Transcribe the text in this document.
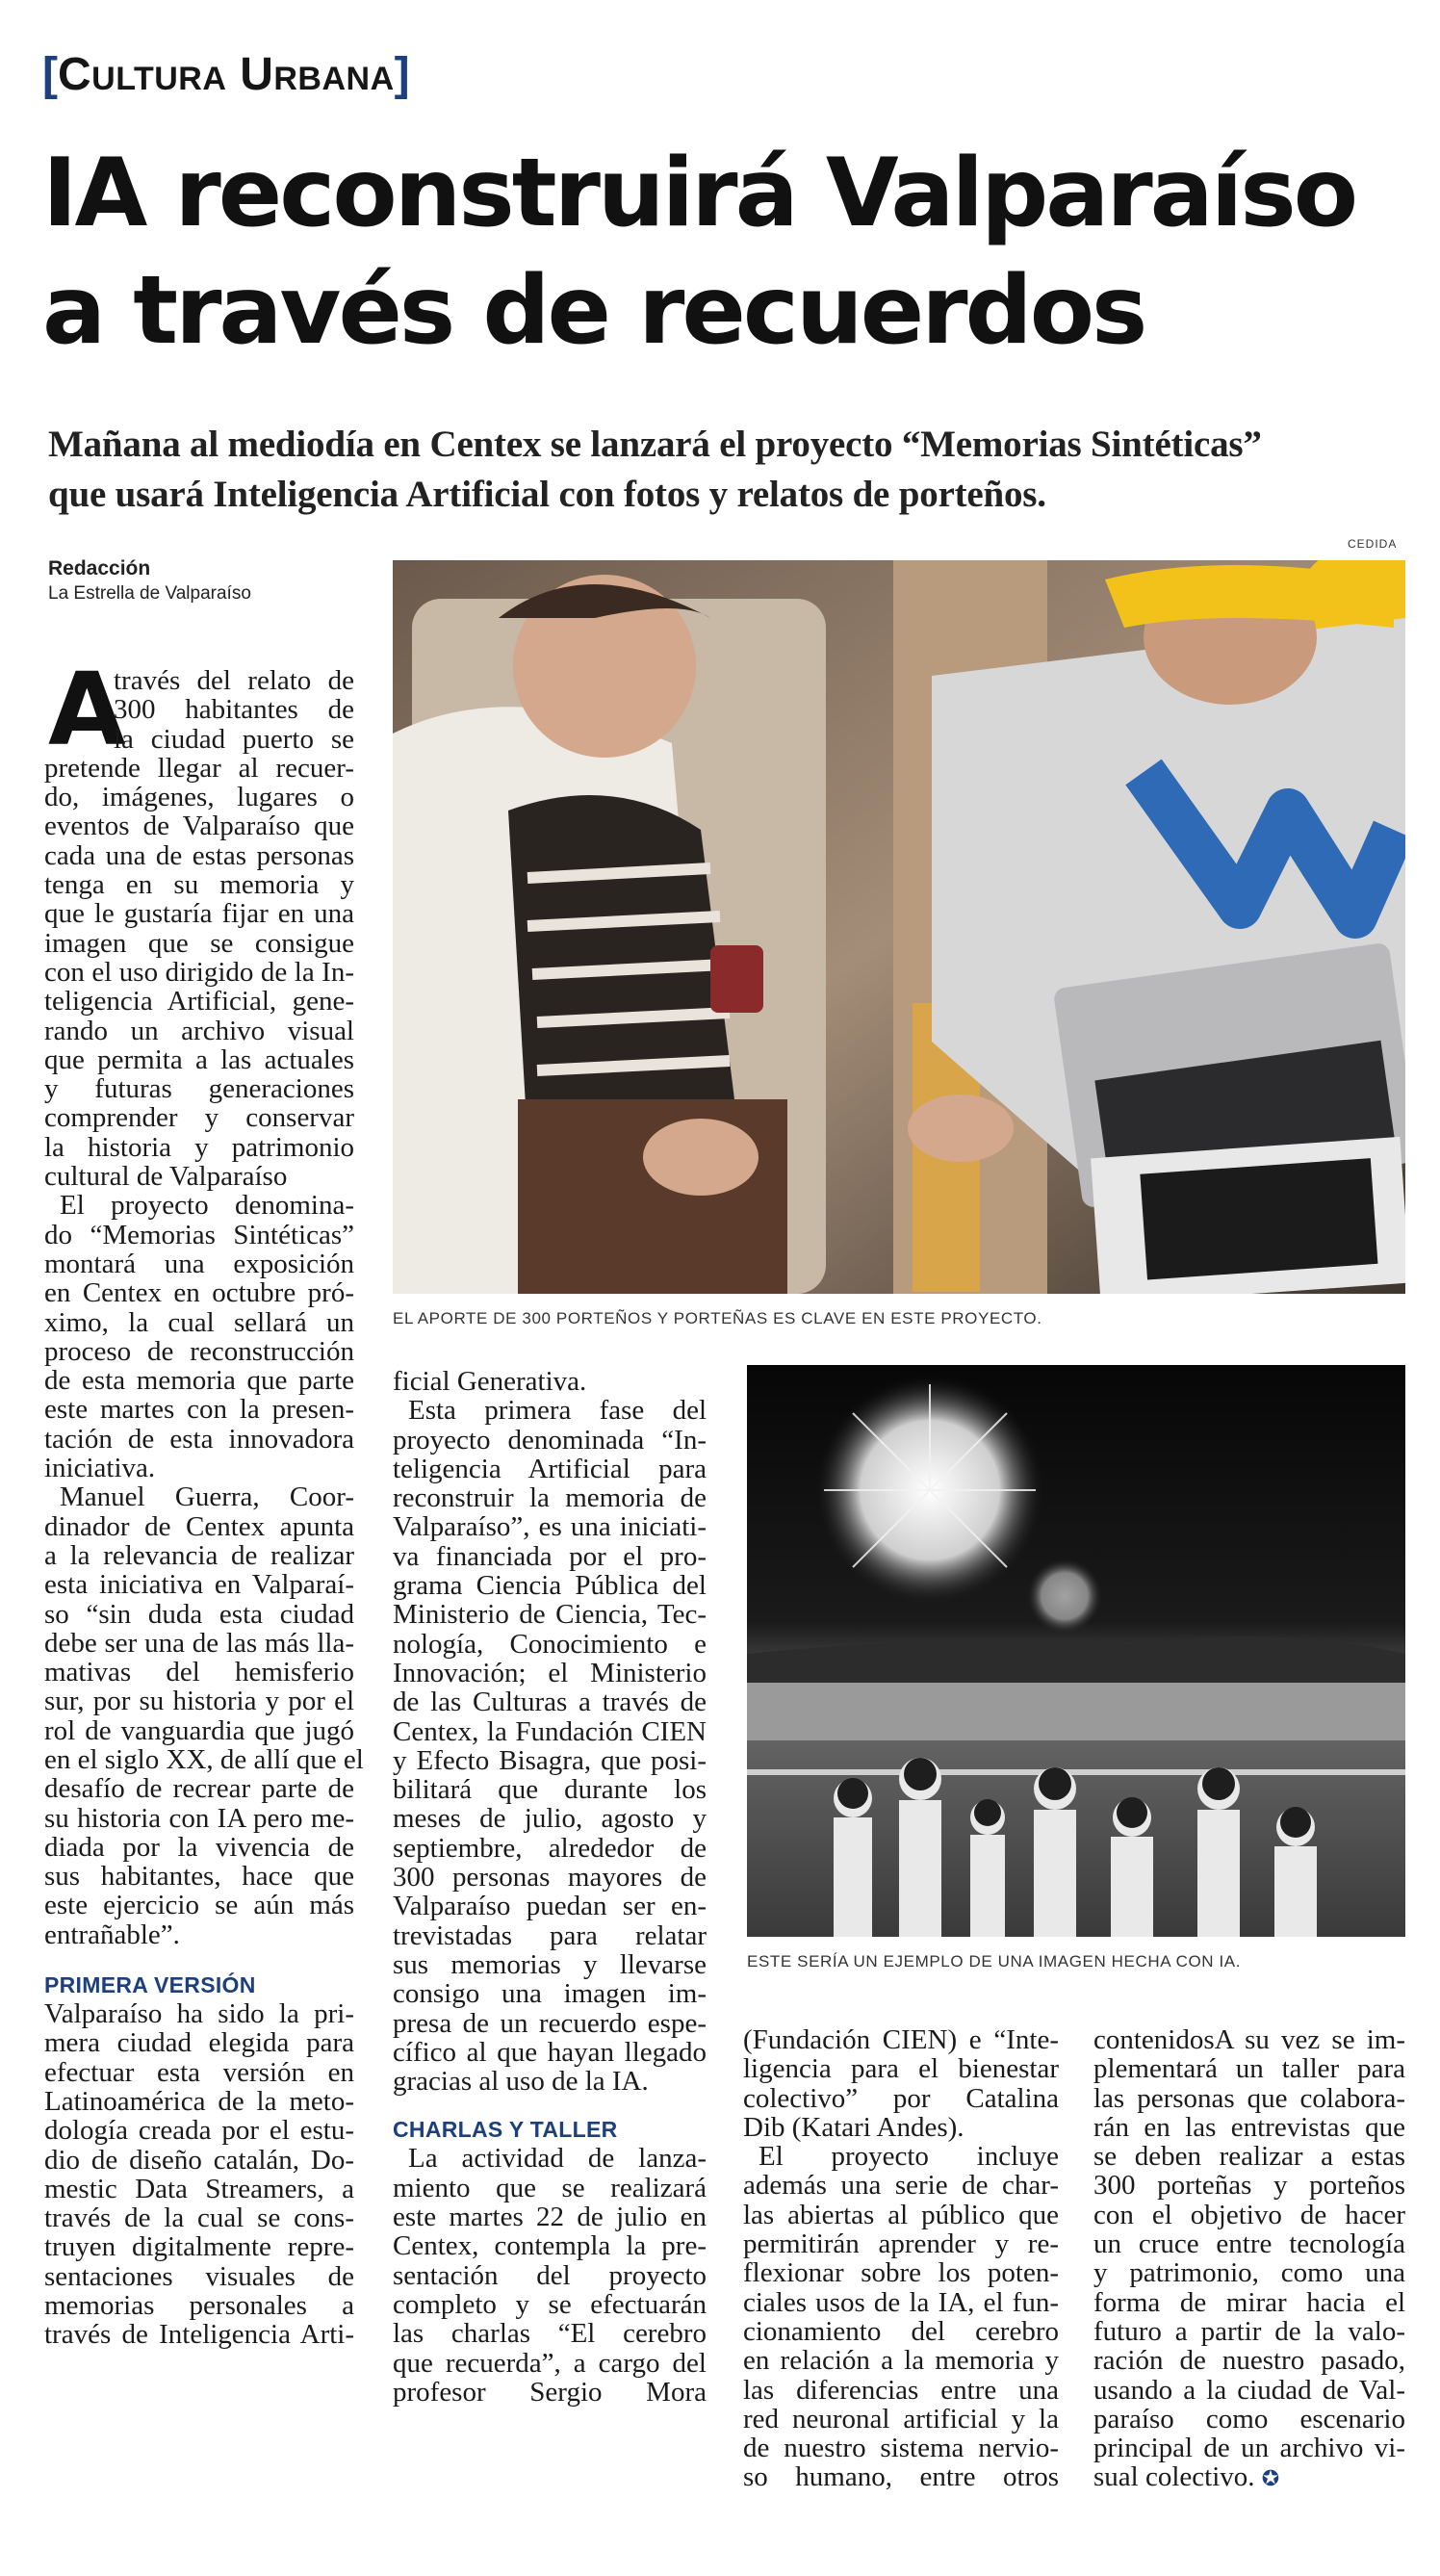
[Cultura Urbana]
IA reconstruirá Valparaíso
a través de recuerdos
Mañana al mediodía en Centex se lanzará el proyecto “Memorias Sintéticas”
que usará Inteligencia Artificial con fotos y relatos de porteños.
Redacción
La Estrella de Valparaíso
CEDIDA
EL APORTE DE 300 PORTEÑOS Y PORTEÑAS ES CLAVE EN ESTE PROYECTO.
ESTE SERÍA UN EJEMPLO DE UNA IMAGEN HECHA CON IA.
A
través del relato de
300 habitantes de
la ciudad puerto se
pretende llegar al recuer-
do, imágenes, lugares o
eventos de Valparaíso que
cada una de estas personas
tenga en su memoria y
que le gustaría fijar en una
imagen que se consigue
con el uso dirigido de la In-
teligencia Artificial, gene-
rando un archivo visual
que permita a las actuales
y futuras generaciones
comprender y conservar
la historia y patrimonio
cultural de Valparaíso
El proyecto denomina-
do “Memorias Sintéticas”
montará una exposición
en Centex en octubre pró-
ximo, la cual sellará un
proceso de reconstrucción
de esta memoria que parte
este martes con la presen-
tación de esta innovadora
iniciativa.
Manuel Guerra, Coor-
dinador de Centex apunta
a la relevancia de realizar
esta iniciativa en Valparaí-
so “sin duda esta ciudad
debe ser una de las más lla-
mativas del hemisferio
sur, por su historia y por el
rol de vanguardia que jugó
en el siglo XX, de allí que el
desafío de recrear parte de
su historia con IA pero me-
diada por la vivencia de
sus habitantes, hace que
este ejercicio se aún más
entrañable”.
PRIMERA VERSIÓN
Valparaíso ha sido la pri-
mera ciudad elegida para
efectuar esta versión en
Latinoamérica de la meto-
dología creada por el estu-
dio de diseño catalán, Do-
mestic Data Streamers, a
través de la cual se cons-
truyen digitalmente repre-
sentaciones visuales de
memorias personales a
través de Inteligencia Arti-
ficial Generativa.
Esta primera fase del
proyecto denominada “In-
teligencia Artificial para
reconstruir la memoria de
Valparaíso”, es una iniciati-
va financiada por el pro-
grama Ciencia Pública del
Ministerio de Ciencia, Tec-
nología, Conocimiento e
Innovación; el Ministerio
de las Culturas a través de
Centex, la Fundación CIEN
y Efecto Bisagra, que posi-
bilitará que durante los
meses de julio, agosto y
septiembre, alrededor de
300 personas mayores de
Valparaíso puedan ser en-
trevistadas para relatar
sus memorias y llevarse
consigo una imagen im-
presa de un recuerdo espe-
cífico al que hayan llegado
gracias al uso de la IA.
CHARLAS Y TALLER
La actividad de lanza-
miento que se realizará
este martes 22 de julio en
Centex, contempla la pre-
sentación del proyecto
completo y se efectuarán
las charlas “El cerebro
que recuerda”, a cargo del
profesor Sergio Mora
(Fundación CIEN) e “Inte-
ligencia para el bienestar
colectivo” por Catalina
Dib (Katari Andes).
El proyecto incluye
además una serie de char-
las abiertas al público que
permitirán aprender y re-
flexionar sobre los poten-
ciales usos de la IA, el fun-
cionamiento del cerebro
en relación a la memoria y
las diferencias entre una
red neuronal artificial y la
de nuestro sistema nervio-
so humano, entre otros
contenidosA su vez se im-
plementará un taller para
las personas que colabora-
rán en las entrevistas que
se deben realizar a estas
300 porteñas y porteños
con el objetivo de hacer
un cruce entre tecnología
y patrimonio, como una
forma de mirar hacia el
futuro a partir de la valo-
ración de nuestro pasado,
usando a la ciudad de Val-
paraíso como escenario
principal de un archivo vi-
sual colectivo. ✪
